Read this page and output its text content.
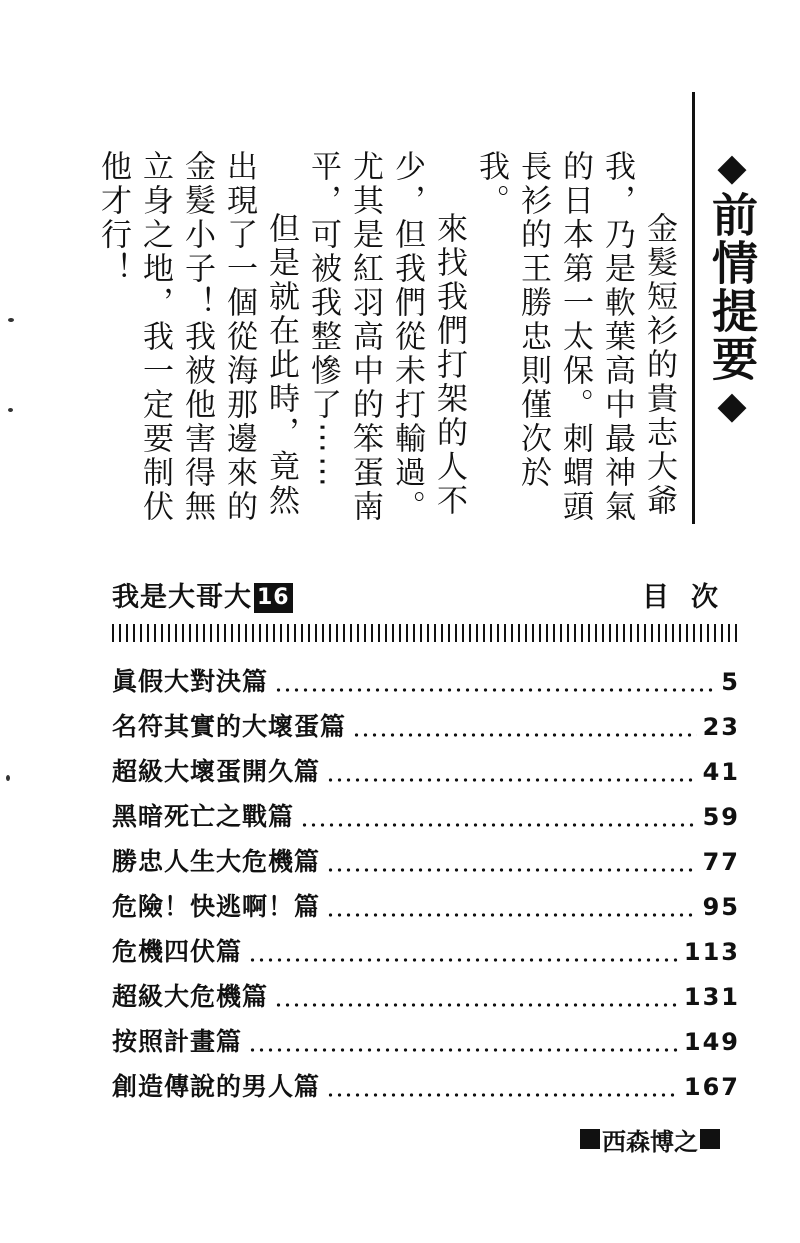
◆前情提要◆

金髮短衫的貴志大爺我，乃是軟葉高中最神氣的日本第一太保。刺蝟頭長衫的王勝忠則僅次於我。

來找我們打架的人不少，但我們從未打輸過。尤其是紅羽高中的笨蛋南平，可被我整慘了⋯⋯

但是就在此時，竟然出現了一個從海那邊來的金髮小子！我被他害得無立身之地，我一定要制伏他才行！

我是大哥大 16	目次
眞假大對決篇	5
名符其實的大壞蛋篇	23
超級大壞蛋開久篇	41
黑暗死亡之戰篇	59
勝忠人生大危機篇	77
危險！快逃啊！篇	95
危機四伏篇	113
超級大危機篇	131
按照計畫篇	149
創造傳說的男人篇	167
西森博之
